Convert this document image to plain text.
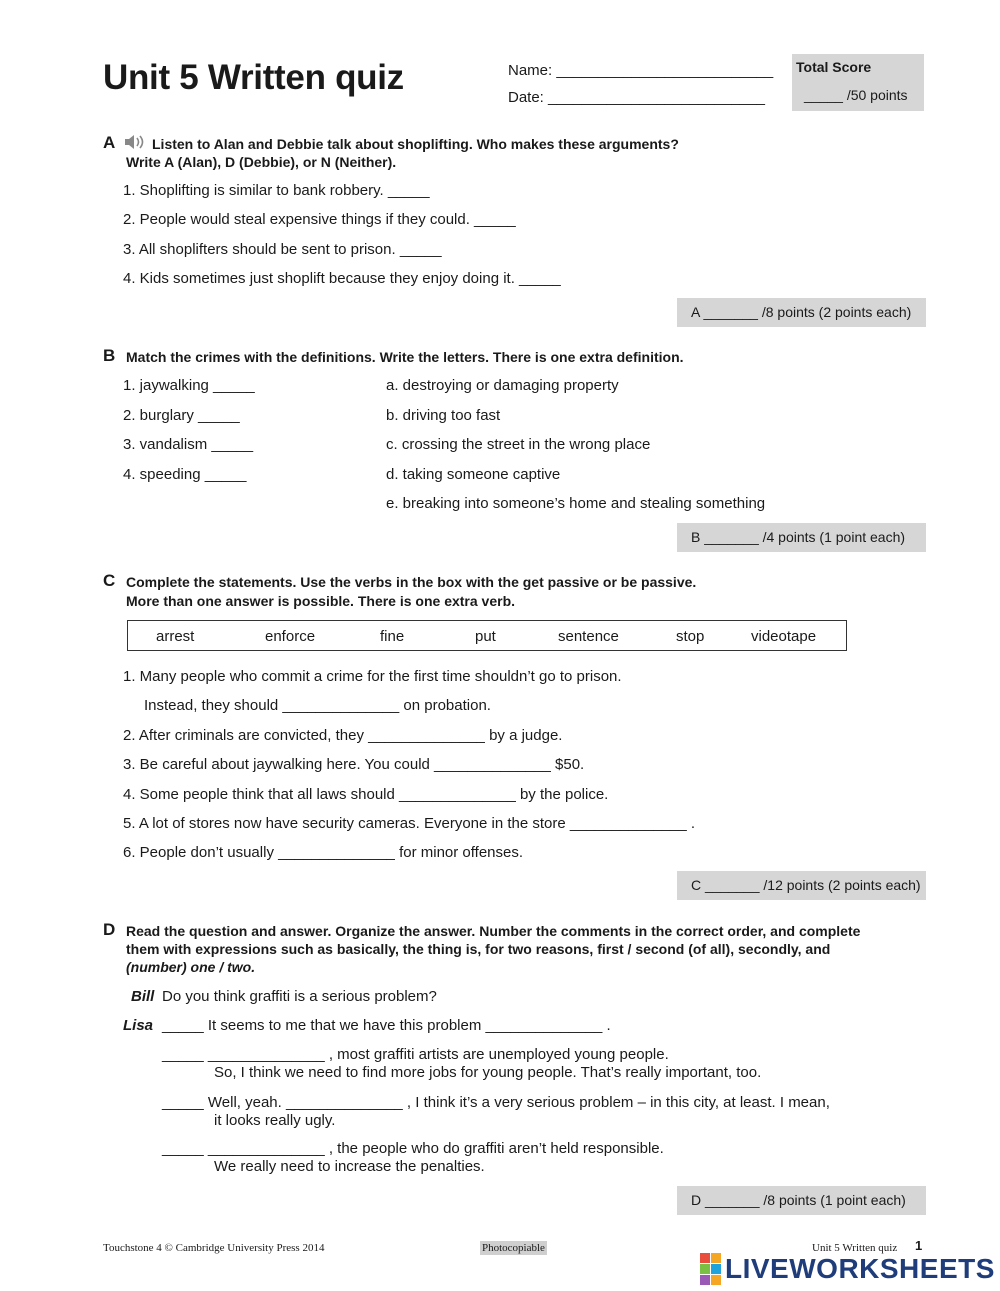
Unit 5 Written quiz	Name: __________________________
Date: __________________________
Total Score
_____ /50 points
A	Listen to Alan and Debbie talk about shoplifting. Who makes these arguments?
Write A (Alan), D (Debbie), or N (Neither).
1. Shoplifting is similar to bank robbery. _____
2. People would steal expensive things if they could. _____
3. All shoplifters should be sent to prison. _____
4. Kids sometimes just shoplift because they enjoy doing it. _____
A _______ /8 points (2 points each)
B Match the crimes with the definitions. Write the letters. There is one extra definition.
1. jaywalking _____
2. burglary _____
3. vandalism _____
4. speeding _____
a. destroying or damaging property
b. driving too fast
c. crossing the street in the wrong place
d. taking someone captive
e. breaking into someone’s home and stealing something
B _______ /4 points (1 point each)
C Complete the statements. Use the verbs in the box with the get passive or be passive.
More than one answer is possible. There is one extra verb.
arrest	enforce	fine	put	sentence	stop	videotape
1. Many people who commit a crime for the first time shouldn’t go to prison.
Instead, they should ______________ on probation.
2. After criminals are convicted, they ______________ by a judge.
3. Be careful about jaywalking here. You could ______________ $50.
4. Some people think that all laws should ______________ by the police.
5. A lot of stores now have security cameras. Everyone in the store ______________ .
6. People don’t usually ______________ for minor offenses.
C _______ /12 points (2 points each)
D Read the question and answer. Organize the answer. Number the comments in the correct order, and complete
them with expressions such as basically, the thing is, for two reasons, first / second (of all), secondly, and
(number) one / two.
Bill Do you think graffiti is a serious problem?
Lisa _____ It seems to me that we have this problem ______________ .
_____ ______________ , most graffiti artists are unemployed young people.
So, I think we need to find more jobs for young people. That’s really important, too.
_____ Well, yeah. ______________ , I think it’s a very serious problem – in this city, at least. I mean,
it looks really ugly.
_____ ______________ , the people who do graffiti aren’t held responsible.
We really need to increase the penalties.
D _______ /8 points (1 point each)
Touchstone 4 © Cambridge University Press 2014	Photocopiable	Unit 5 Written quiz 1
LIVEWORKSHEETS
